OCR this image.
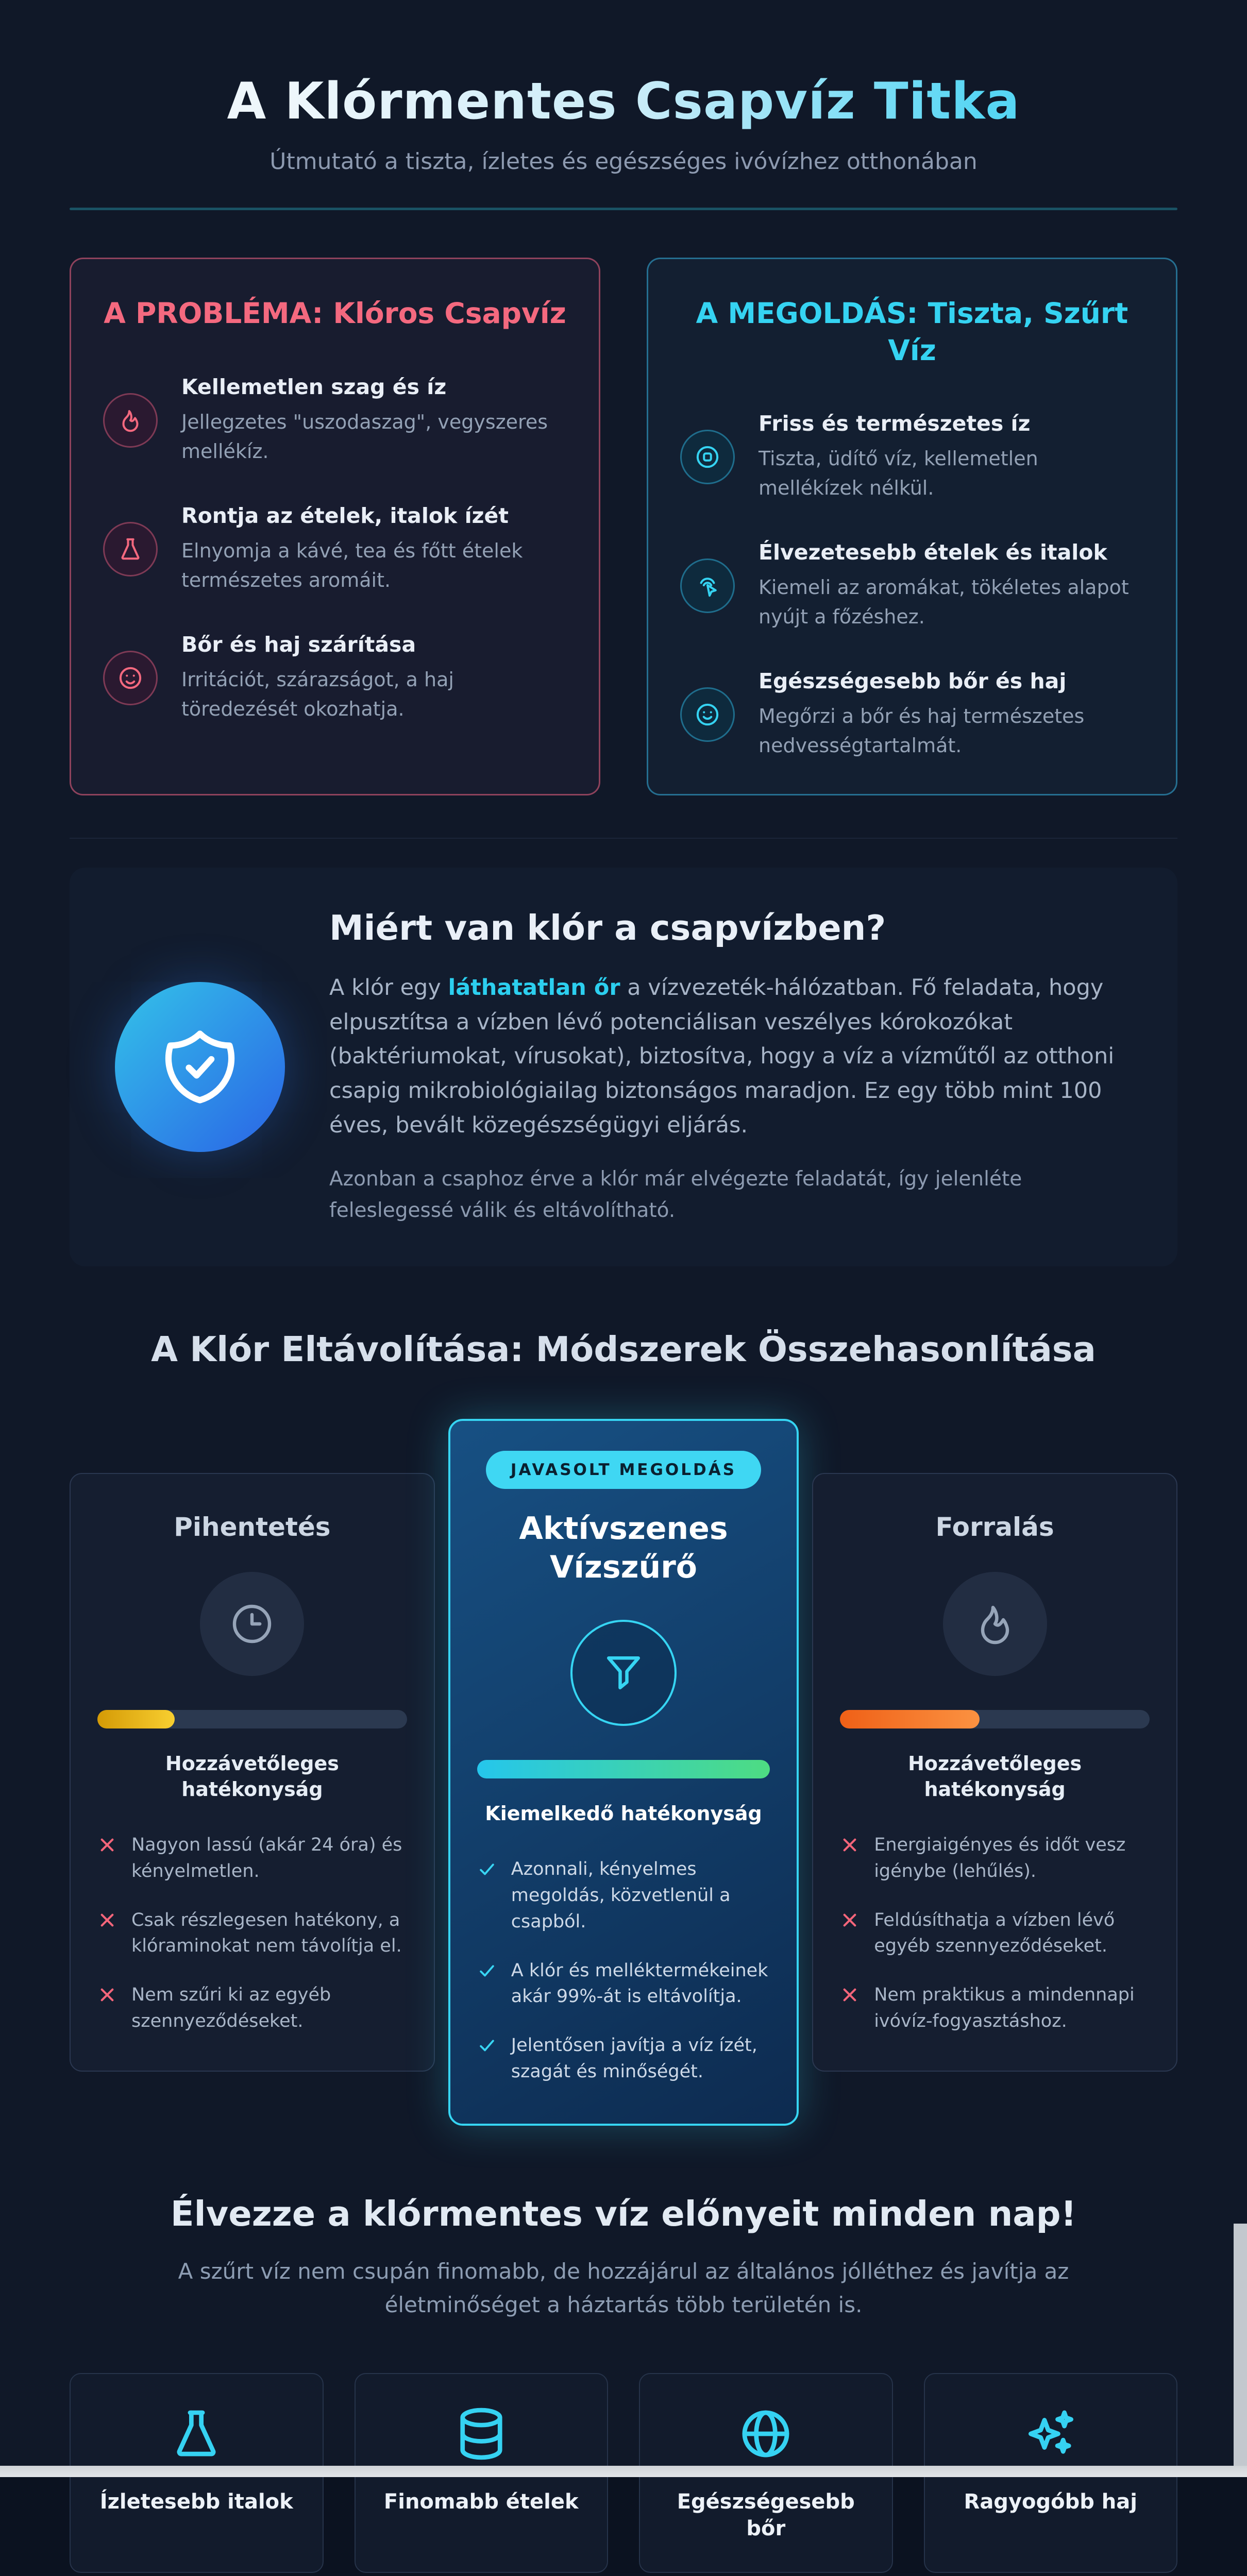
A Klórmentes Csapvíz Titka
Útmutató a tiszta, ízletes és egészséges ivóvízhez otthonában
A PROBLÉMA: Klóros Csapvíz
Kellemetlen szag és íz

Jellegzetes "uszodaszag", vegyszeres mellékíz.

Rontja az ételek, italok ízét

Elnyomja a kávé, tea és főtt ételek természetes aromáit.

Bőr és haj szárítása

Irritációt, szárazságot, a haj töredezését okozhatja.

A MEGOLDÁS: Tiszta, Szűrt Víz
Friss és természetes íz

Tiszta, üdítő víz, kellemetlen mellékízek nélkül.

Élvezetesebb ételek és italok

Kiemeli az aromákat, tökéletes alapot nyújt a főzéshez.

Egészségesebb bőr és haj

Megőrzi a bőr és haj természetes nedvességtartalmát.

Miért van klór a csapvízben?

A klór egy láthatatlan őr a vízvezeték-hálózatban. Fő feladata, hogy elpusztítsa a vízben lévő potenciálisan veszélyes kórokozókat (baktériumokat, vírusokat), biztosítva, hogy a víz a vízműtől az otthoni csapig mikrobiológiailag biztonságos maradjon. Ez egy több mint 100 éves, bevált közegészségügyi eljárás.

Azonban a csaphoz érve a klór már elvégezte feladatát, így jelenléte feleslegessé válik és eltávolítható.

A Klór Eltávolítása: Módszerek Összehasonlítása
Pihentetés
Hozzávetőleges hatékonyság

Nagyon lassú (akár 24 óra) és kényelmetlen.

Csak részlegesen hatékony, a klóraminokat nem távolítja el.

Nem szűri ki az egyéb szennyeződéseket.

JAVASOLT MEGOLDÁS
Aktívszenes Vízszűrő
Kiemelkedő hatékonyság

Azonnali, kényelmes megoldás, közvetlenül a csapból.

A klór és melléktermékeinek akár 99%-át is eltávolítja.

Jelentősen javítja a víz ízét, szagát és minőségét.

Forralás
Hozzávetőleges hatékonyság

Energiaigényes és időt vesz igénybe (lehűlés).

Feldúsíthatja a vízben lévő egyéb szennyeződéseket.

Nem praktikus a mindennapi ivóvíz-fogyasztáshoz.

Élvezze a klórmentes víz előnyeit minden nap!

A szűrt víz nem csupán finomabb, de hozzájárul az általános jólléthez és javítja az életminőséget a háztartás több területén is.

Ízletesebb italok	Finomabb ételek	Egészségesebb bőr
Ragyogóbb haj
